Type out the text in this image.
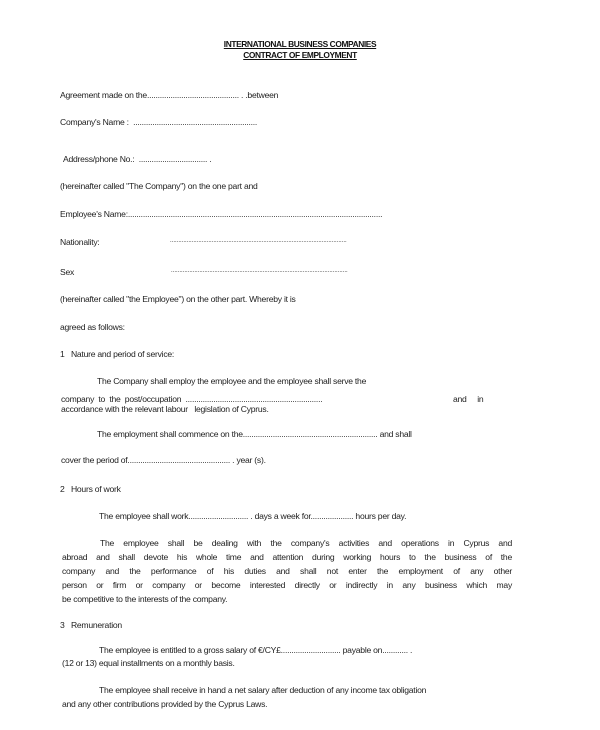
INTERNATIONAL BUSINESS COMPANIES
CONTRACT OF EMPLOYMENT
Agreement made on the........................................... . .between
Company's Name :  ..........................................................
Address/phone No.:  ................................ .
(hereinafter called "The Company") on the one part and
Employee's Name:.......................................................................................................................
Nationality:	..........................................................................................................
Sex	..........................................................................................................
(hereinafter called "the Employee") on the other part. Whereby it is
agreed as follows:
1   Nature and period of service:
The Company shall employ the employee and the employee shall serve the
company  to  the  post/occupation  ................................................................	and     in
accordance with the relevant labour   legislation of Cyprus.
The employment shall commence on the............................................................... and shall
cover the period of................................................ . year (s).
2   Hours of work
The employee shall work............................ . days a week for.................... hours per day.
The employee shall be dealing with the company's activities and operations in Cyprus and
abroad and shall devote his whole time and attention during working hours to the business of the
company and the performance of his duties and shall not enter the employment of any other
person or firm or company or become interested directly or indirectly in any business which may
be competitive to the interests of the company.
3   Remuneration
The employee is entitled to a gross salary of €/CY£............................ payable on............ .
(12 or 13) equal installments on a monthly basis.
The employee shall receive in hand a net salary after deduction of any income tax obligation
and any other contributions provided by the Cyprus Laws.
